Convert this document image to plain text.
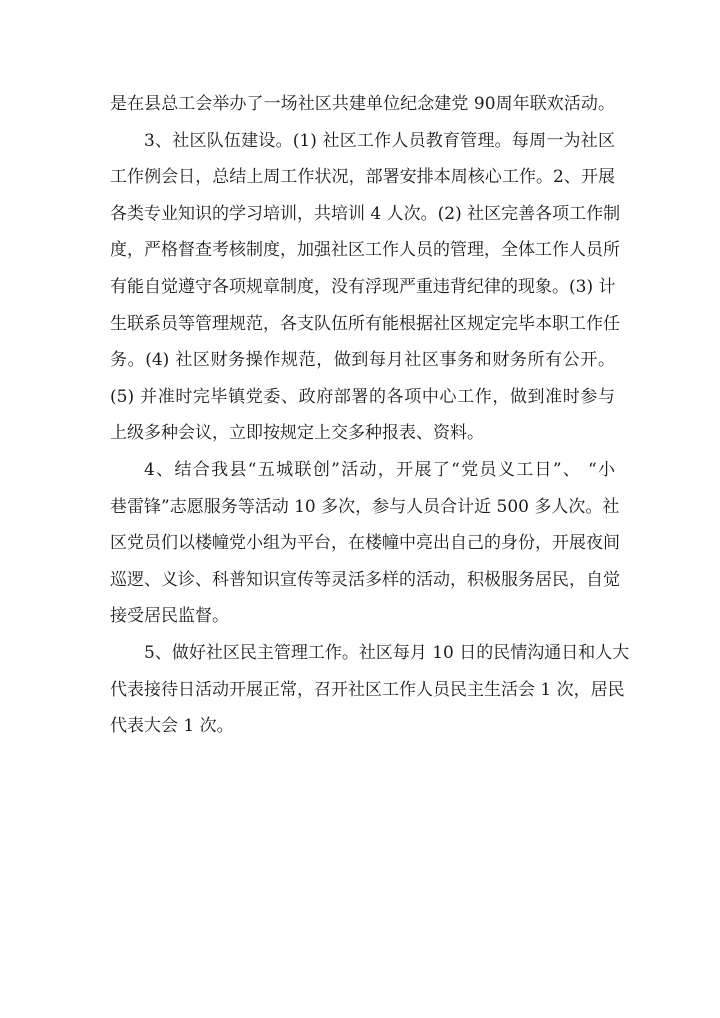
是在县总工会举办了一场社区共建单位纪念建党 90周年联欢活动。
3、社区队伍建设。(1) 社区工作人员教育管理。每周一为社区
工作例会日，总结上周工作状况，部署安排本周核心工作。2、开展
各类专业知识的学习培训，共培训 4 人次。(2) 社区完善各项工作制
度，严格督查考核制度，加强社区工作人员的管理，全体工作人员所
有能自觉遵守各项规章制度，没有浮现严重违背纪律的现象。(3) 计
生联系员等管理规范，各支队伍所有能根据社区规定完毕本职工作任
务。(4) 社区财务操作规范，做到每月社区事务和财务所有公开。
(5) 并准时完毕镇党委、政府部署的各项中心工作，做到准时参与
上级多种会议，立即按规定上交多种报表、资料。
4、结合我县“五城联创”活动，开展了“党员义工日”、 “小
巷雷锋”志愿服务等活动 10 多次，参与人员合计近 500 多人次。社
区党员们以楼幢党小组为平台，在楼幢中亮出自己的身份，开展夜间
巡逻、义诊、科普知识宣传等灵活多样的活动，积极服务居民，自觉
接受居民监督。
5、做好社区民主管理工作。社区每月 10 日的民情沟通日和人大
代表接待日活动开展正常，召开社区工作人员民主生活会 1 次，居民
代表大会 1 次。
